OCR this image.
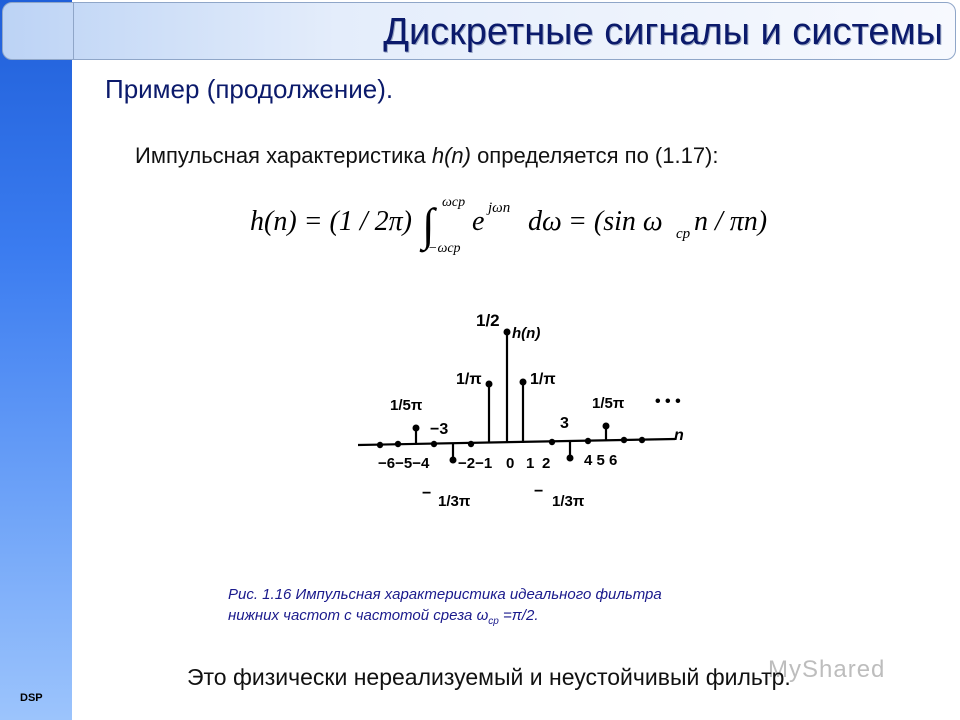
DSP
Дискретные сигналы и системы
Пример (продолжение).
Импульсная характеристика h(n) определяется по (1.17):
h(n) = (1 / 2π) ∫ ωcp
−ωcp
e jωn dω = (sin ω cp n / πn)
n
• • •
1/2
h(n)
1/π	1/π
1/5π	1/5π
−3	3
−6−5−4 −2−1 0 1 2 4 5 6
− 1/3π
−
1/3π
Рис. 1.16 Импульсная характеристика идеального фильтра
нижних частот с частотой среза $\omega_{ср} =\pi/2$.
МyShared
Это физически нереализуемый и неустойчивый фильтр.
